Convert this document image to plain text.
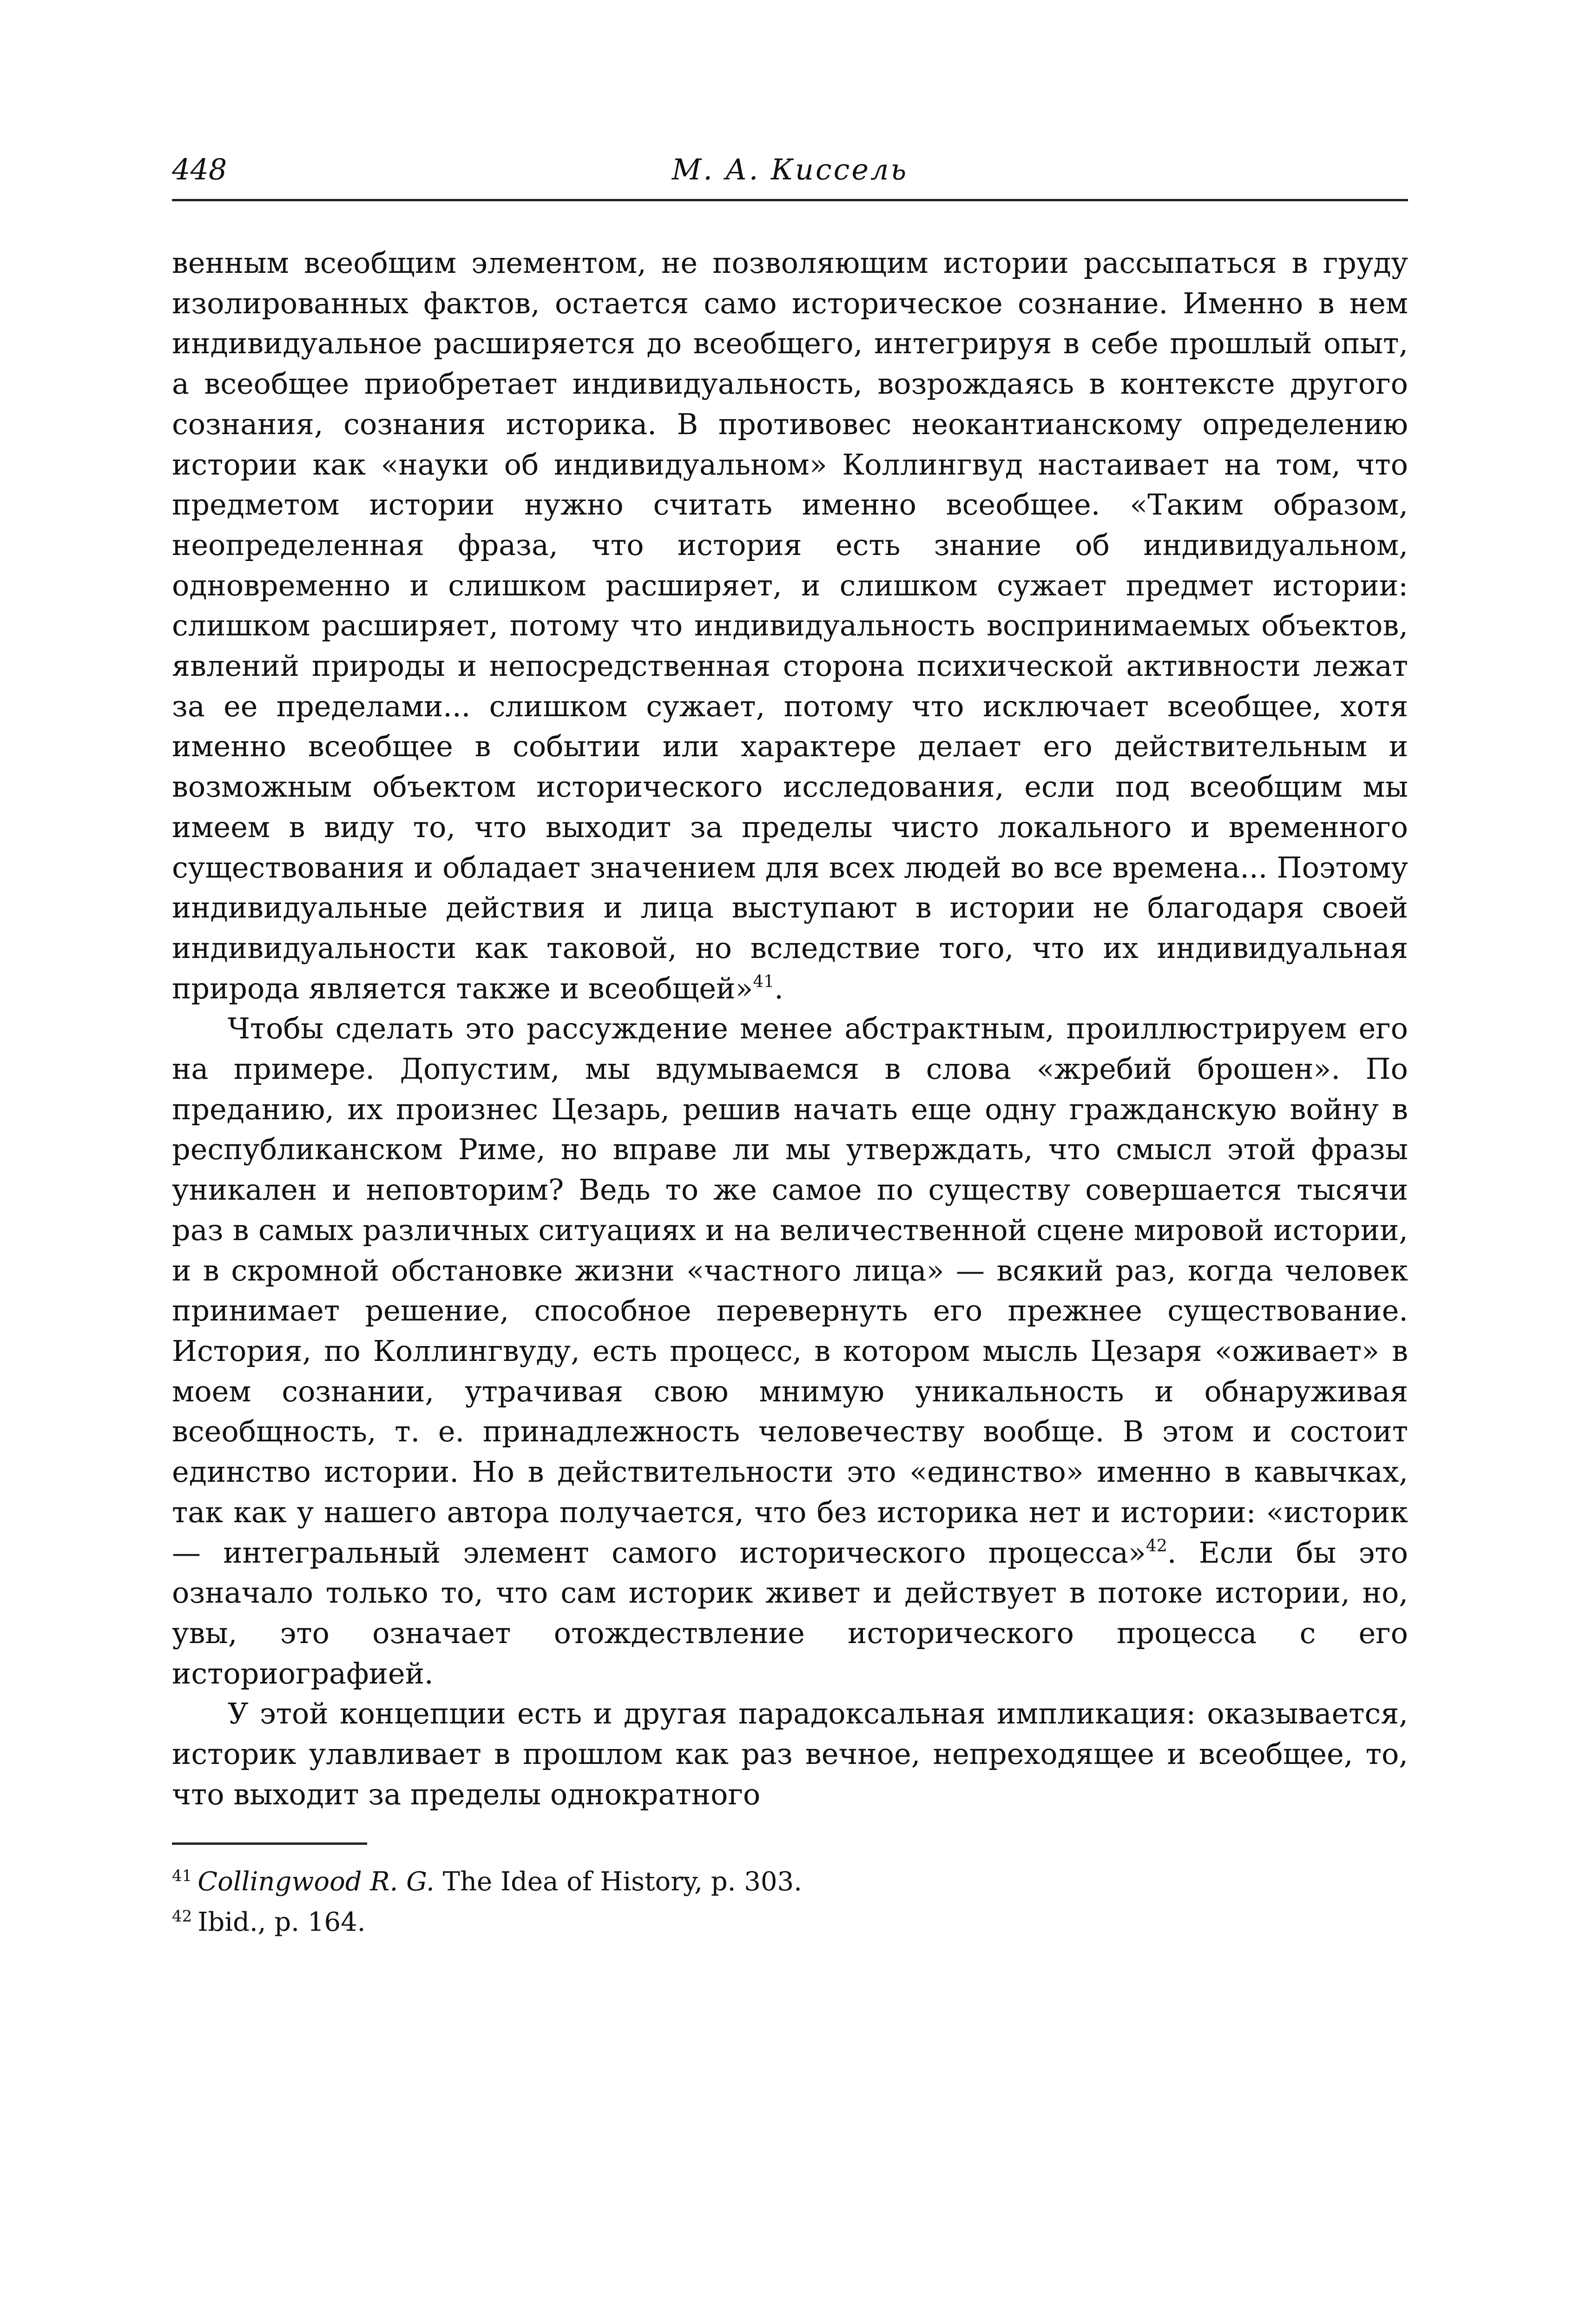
448	М. А. Киссель

венным всеобщим элементом, не позволяющим истории рассыпаться в груду изолированных фактов, остается само историческое сознание. Именно в нем индивидуальное расширяется до всеобщего, интегрируя в себе прошлый опыт, а всеобщее приобретает индивидуальность, возрождаясь в контексте другого сознания, сознания историка. В противовес неокантианскому определению истории как «науки об индивидуальном» Коллингвуд настаивает на том, что предметом истории нужно считать именно всеобщее. «Таким образом, неопределенная фраза, что история есть знание об индивидуальном, одновременно и слишком расширяет, и слишком сужает предмет истории: слишком расширяет, потому что индивидуальность воспринимаемых объектов, явлений природы и непосредственная сторона психической активности лежат за ее пределами... слишком сужает, потому что исключает всеобщее, хотя именно всеобщее в событии или характере делает его действительным и возможным объектом исторического исследования, если под всеобщим мы имеем в виду то, что выходит за пределы чисто локального и временного существования и обладает значением для всех людей во все времена... Поэтому индивидуальные действия и лица выступают в истории не благодаря своей индивидуальности как таковой, но вследствие того, что их индивидуальная природа является также и всеобщей»$^{41}$.

Чтобы сделать это рассуждение менее абстрактным, проиллюстрируем его на примере. Допустим, мы вдумываемся в слова «жребий брошен». По преданию, их произнес Цезарь, решив начать еще одну гражданскую войну в республиканском Риме, но вправе ли мы утверждать, что смысл этой фразы уникален и неповторим? Ведь то же самое по существу совершается тысячи раз в самых различных ситуациях и на величественной сцене мировой истории, и в скромной обстановке жизни «частного лица» — всякий раз, когда человек принимает решение, способное перевернуть его прежнее существование. История, по Коллингвуду, есть процесс, в котором мысль Цезаря «оживает» в моем сознании, утрачивая свою мнимую уникальность и обнаруживая всеобщность, т. е. принадлежность человечеству вообще. В этом и состоит единство истории. Но в действительности это «единство» именно в кавычках, так как у нашего автора получается, что без историка нет и истории: «историк — интегральный элемент самого исторического процесса»$^{42}$. Если бы это означало только то, что сам историк живет и действует в потоке истории, но, увы, это означает отождествление исторического процесса с его историографией.

У этой концепции есть и другая парадоксальная импликация: оказывается, историк улавливает в прошлом как раз вечное, непреходящее и всеобщее, то, что выходит за пределы однократного

$^{41}$ Collingwood R. G. The Idea of History, p. 303.

$^{42}$ Ibid., p. 164.
